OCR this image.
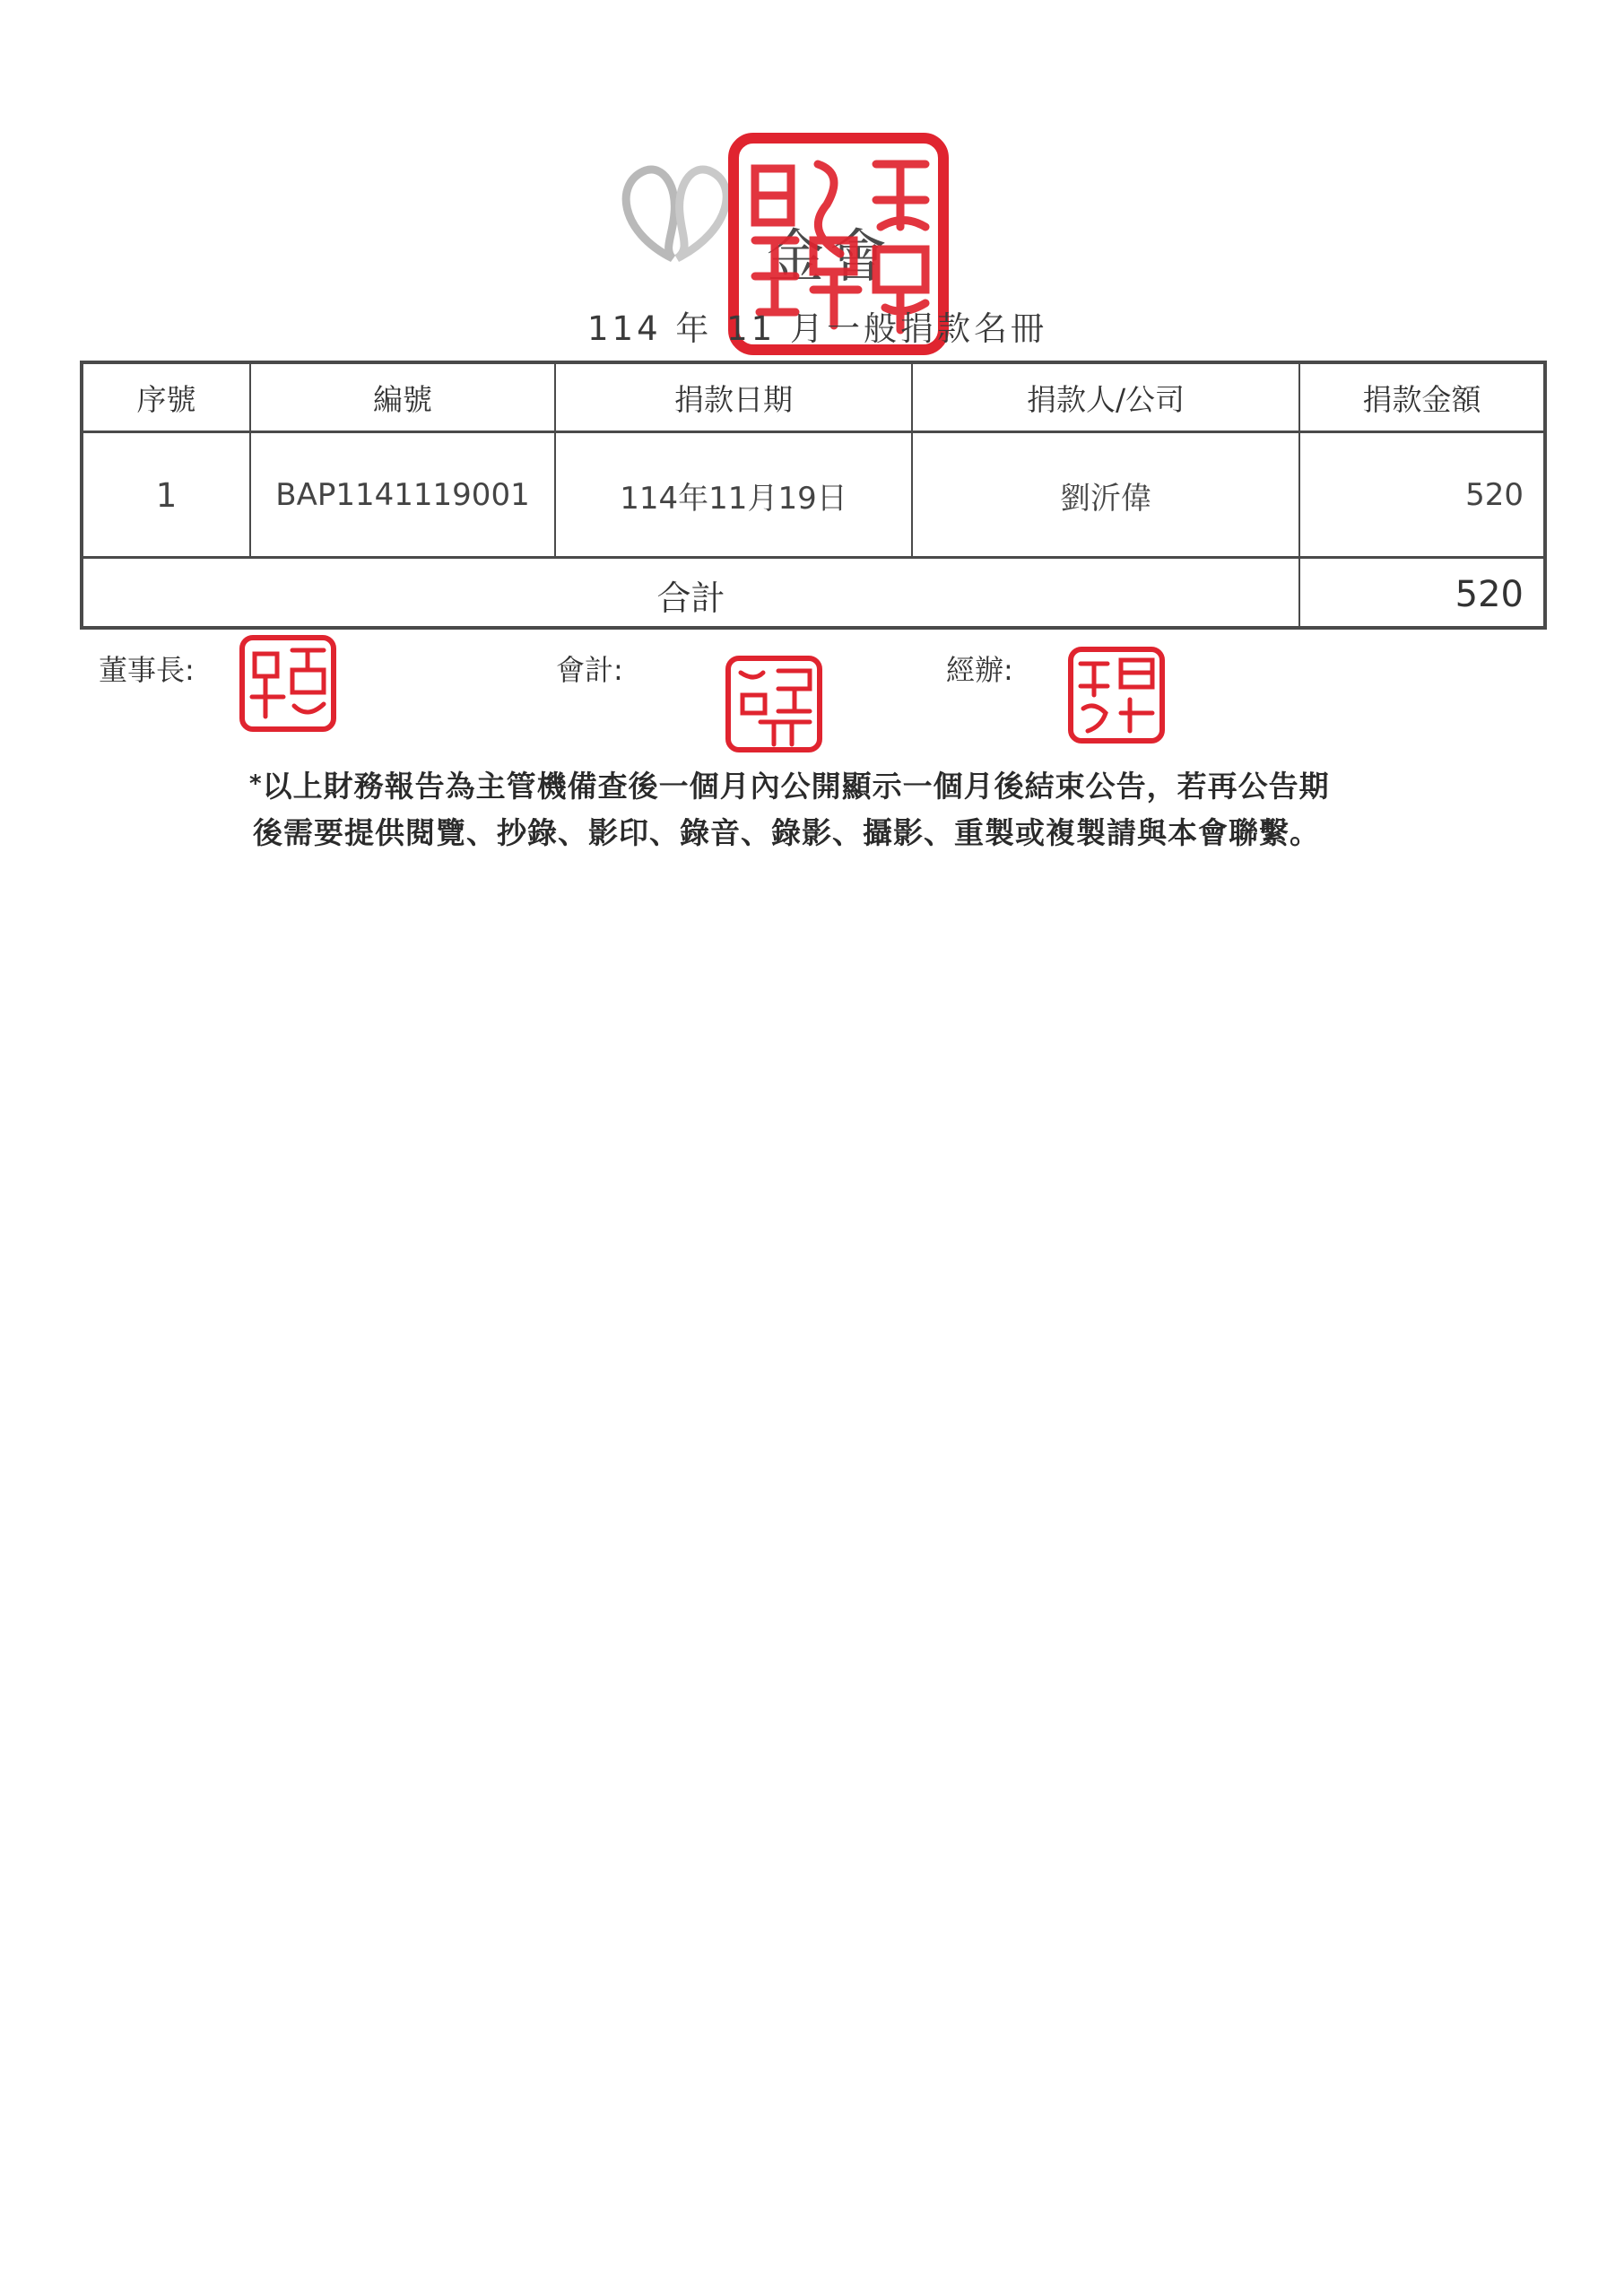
金會
114 年 11 月一般捐款名冊
序號	編號	捐款日期	捐款人/公司	捐款金額
1	BAP1141119001	114年11月19日	劉沂偉	520
合計	520
董事長:	會計:	經辦:
*以上財務報告為主管機備查後一個月內公開顯示一個月後結束公告，若再公告期
後需要提供閱覽、抄錄、影印、錄音、錄影、攝影、重製或複製請與本會聯繫。
